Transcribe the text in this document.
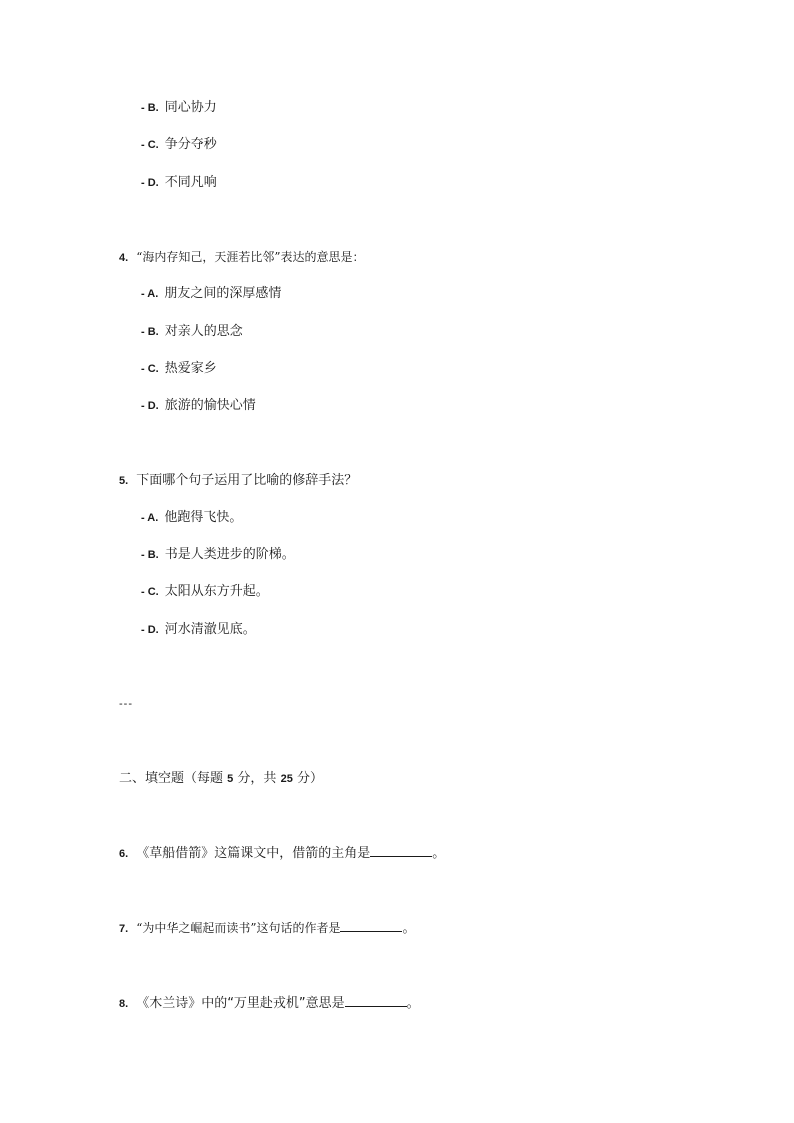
- B. 同心协力
- C. 争分夺秒
- D. 不同凡响
4. “海内存知己，天涯若比邻”表达的意思是：
- A. 朋友之间的深厚感情
- B. 对亲人的思念
- C. 热爱家乡
- D. 旅游的愉快心情
5. 下面哪个句子运用了比喻的修辞手法？
- A. 他跑得飞快。
- B. 书是人类进步的阶梯。
- C. 太阳从东方升起。
- D. 河水清澈见底。
---
二、填空题（每题 5 分，共 25 分）
6. 《草船借箭》这篇课文中，借箭的主角是	。
7. “为中华之崛起而读书”这句话的作者是	。
8. 《木兰诗》中的“万里赴戎机”意思是	。
